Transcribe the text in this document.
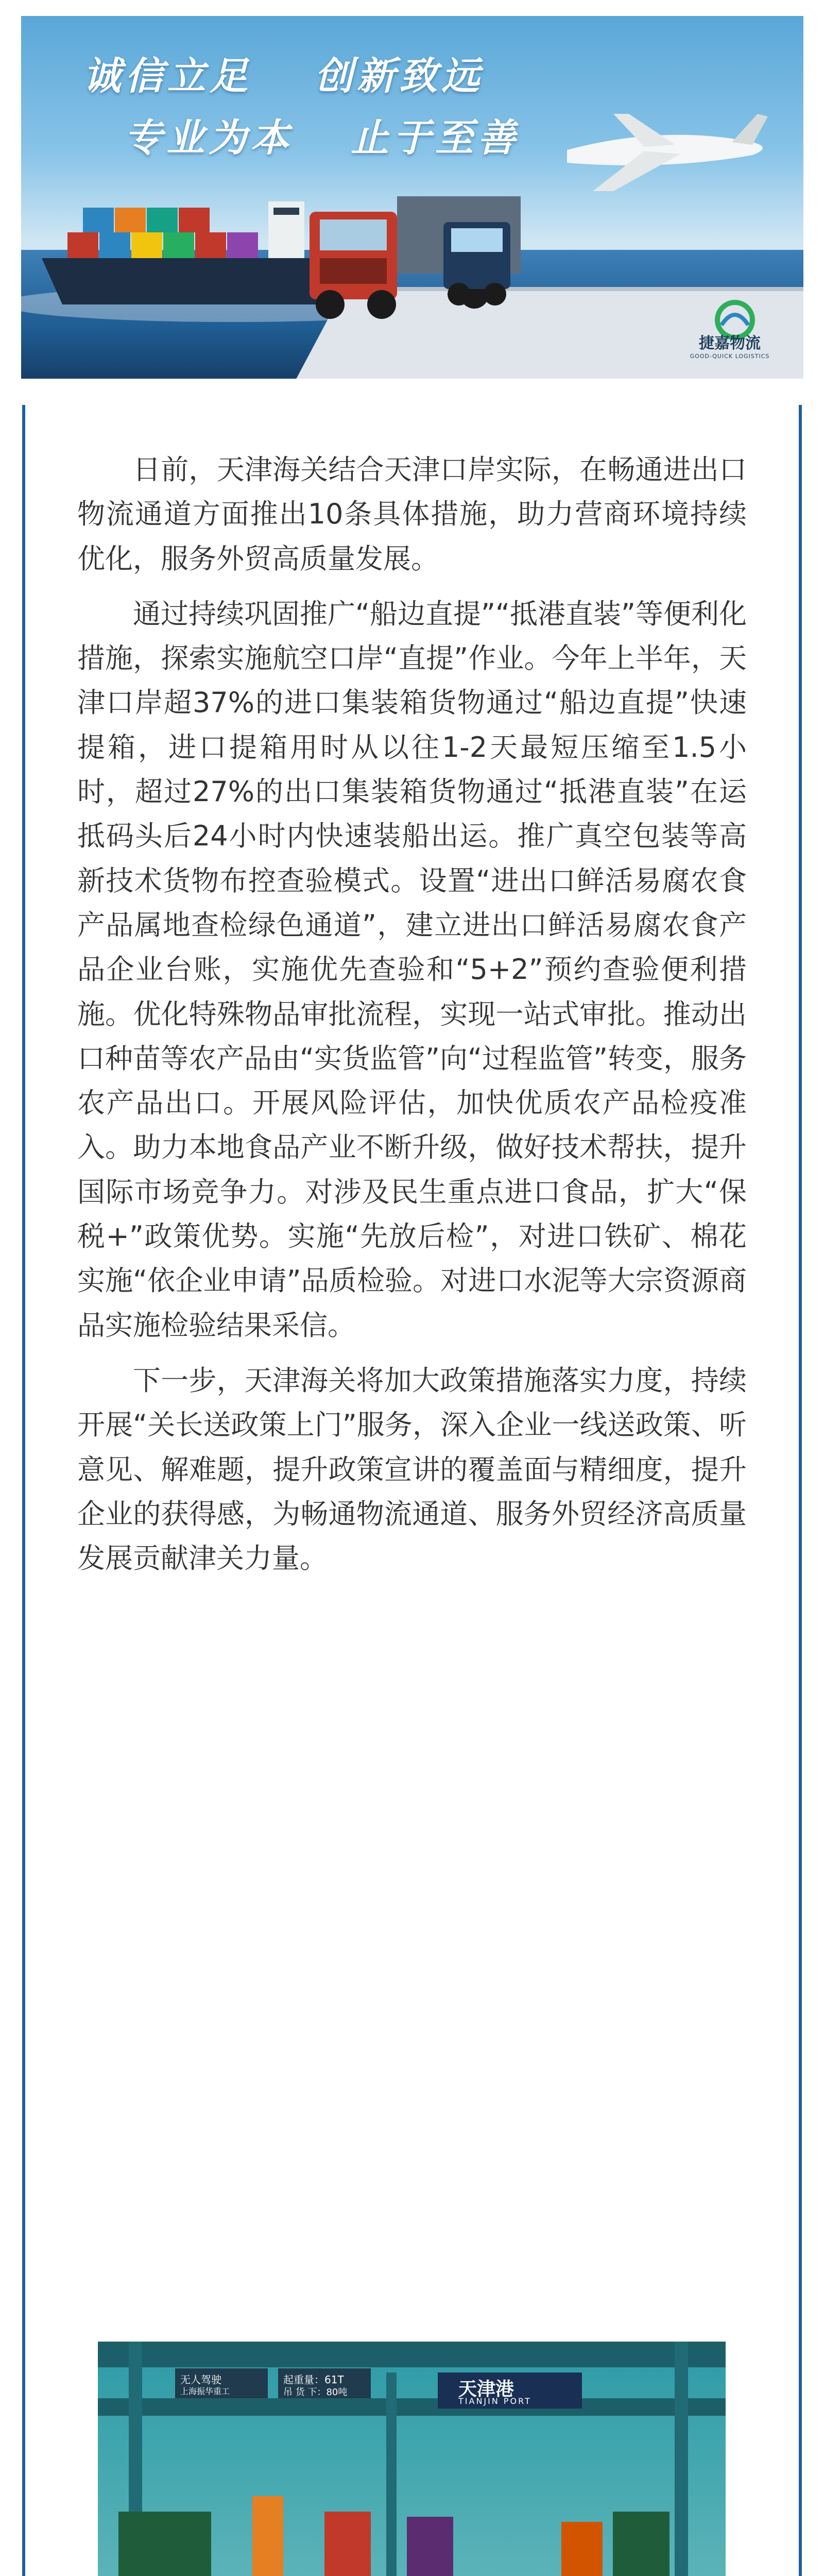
诚信立足 创新致远
专业为本 止于至善
捷嘉物流
GOOD-QUICK LOGISTICS

日前，天津海关结合天津口岸实际，在畅通进出口物流通道方面推出10条具体措施，助力营商环境持续优化，服务外贸高质量发展。

通过持续巩固推广“船边直提”“抵港直装”等便利化措施，探索实施航空口岸“直提”作业。今年上半年，天津口岸超37%的进口集装箱货物通过“船边直提”快速提箱，进口提箱用时从以往1-2天最短压缩至1.5小时，超过27%的出口集装箱货物通过“抵港直装”在运抵码头后24小时内快速装船出运。推广真空包装等高新技术货物布控查验模式。设置“进出口鲜活易腐农食产品属地查检绿色通道”，建立进出口鲜活易腐农食产品企业台账，实施优先查验和“5+2”预约查验便利措施。优化特殊物品审批流程，实现一站式审批。推动出口种苗等农产品由“实货监管”向“过程监管”转变，服务农产品出口。开展风险评估，加快优质农产品检疫准入。助力本地食品产业不断升级，做好技术帮扶，提升国际市场竞争力。对涉及民生重点进口食品，扩大“保税+”政策优势。实施“先放后检”，对进口铁矿、棉花实施“依企业申请”品质检验。对进口水泥等大宗资源商品实施检验结果采信。

下一步，天津海关将加大政策措施落实力度，持续开展“关长送政策上门”服务，深入企业一线送政策、听意见、解难题，提升政策宣讲的覆盖面与精细度，提升企业的获得感，为畅通物流通道、服务外贸经济高质量发展贡献津关力量。

无人驾驶
上海振华重工
起重量：61T
吊 货 下：80吨	天津港
TIANJIN PORT
